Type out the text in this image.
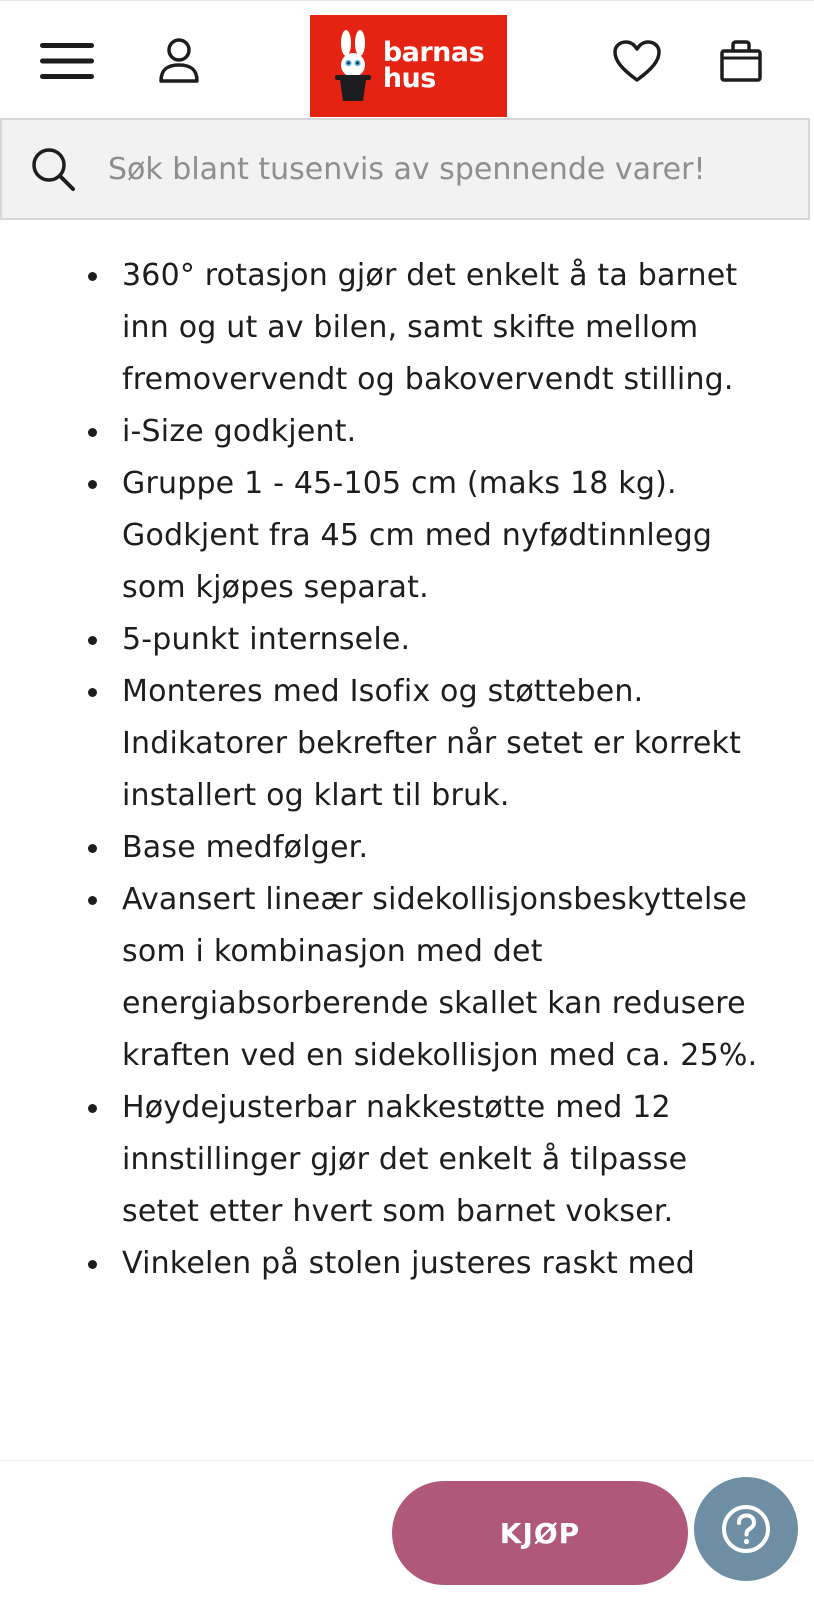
barnas
hus
Søk blant tusenvis av spennende varer!
360° rotasjon gjør det enkelt å ta barnet inn og ut av bilen, samt skifte mellom fremovervendt og bakovervendt stilling.
i-Size godkjent.
Gruppe 1 - 45-105 cm (maks 18 kg). Godkjent fra 45 cm med nyfødtinnlegg som kjøpes separat.
5-punkt internsele.
Monteres med Isofix og støtteben. Indikatorer bekrefter når setet er korrekt installert og klart til bruk.
Base medfølger.
Avansert lineær sidekollisjonsbeskyttelse som i kombinasjon med det energiabsorberende skallet kan redusere kraften ved en sidekollisjon med ca. 25%.
Høydejusterbar nakkestøtte med 12 innstillinger gjør det enkelt å tilpasse setet etter hvert som barnet vokser.
Vinkelen på stolen justeres raskt med
KJØP
